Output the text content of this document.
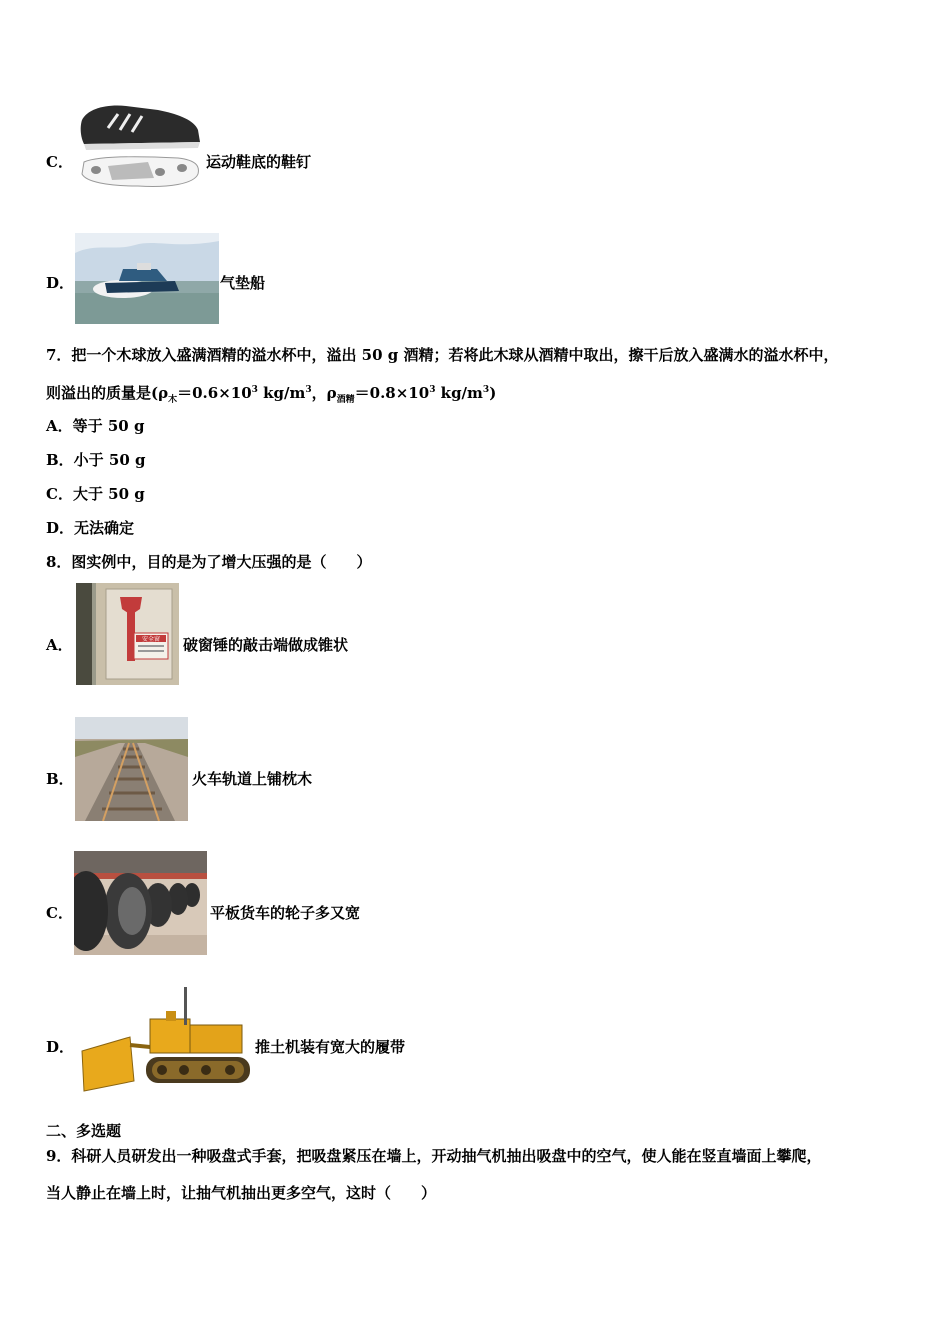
C．	运动鞋底的鞋钉
D．	气垫船
7．把一个木球放入盛满酒精的溢水杯中，溢出 50 g 酒精；若将此木球从酒精中取出，擦干后放入盛满水的溢水杯中，
则溢出的质量是($\rho_木=0.6\times 10^3$ $kg/m^3$，$\rho_{酒精}=0.8\times 10^3$ $kg/m^3$)
A．等于 50 g
B．小于 50 g
C．大于 50 g
D．无法确定
8．图实例中，目的是为了增大压强的是（　　）
A．	安全窗 破窗锤的敲击端做成锥状
B．	火车轨道上铺枕木
C．	平板货车的轮子多又宽
D．	推土机装有宽大的履带
二、多选题
9．科研人员研发出一种吸盘式手套，把吸盘紧压在墙上，开动抽气机抽出吸盘中的空气，使人能在竖直墙面上攀爬，
当人静止在墙上时，让抽气机抽出更多空气，这时（　　）
